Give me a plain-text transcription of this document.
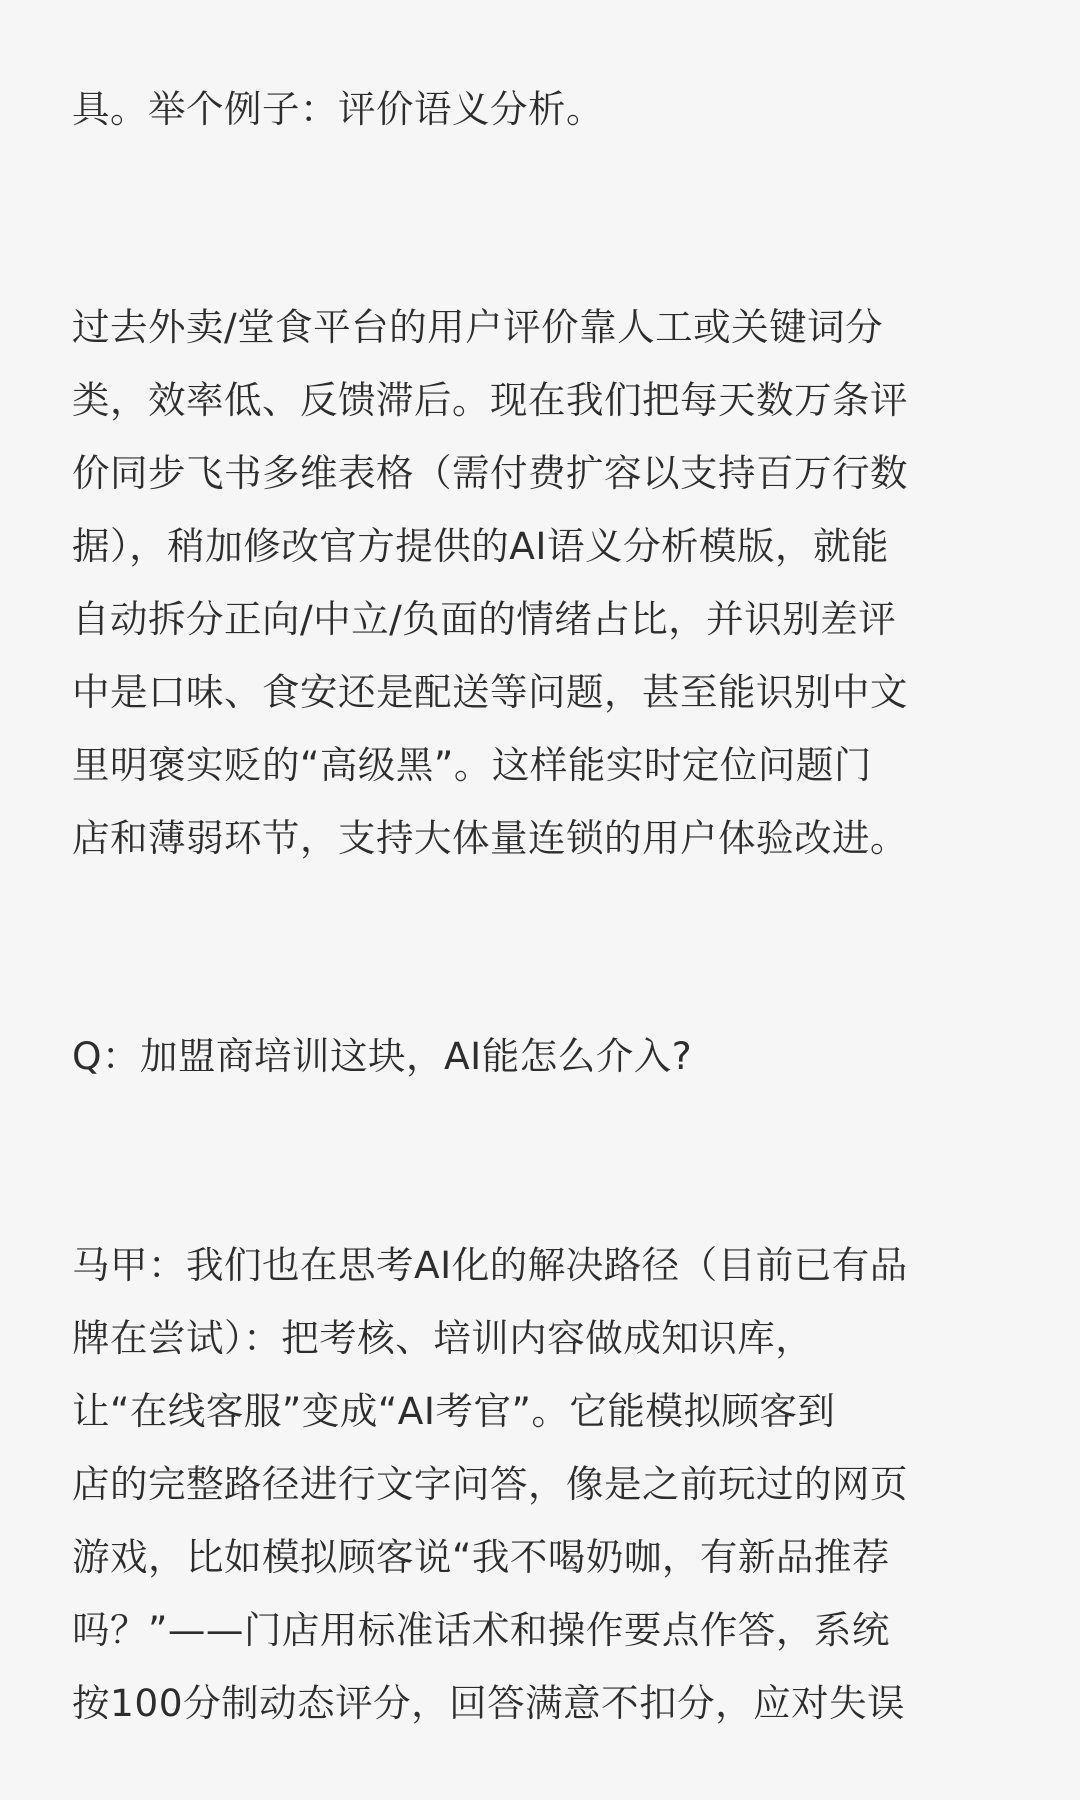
具。举个例子：评价语义分析。
过去外卖/堂食平台的用户评价靠人工或关键词分
类，效率低、反馈滞后。现在我们把每天数万条评
价同步飞书多维表格（需付费扩容以支持百万行数
据），稍加修改官方提供的AI语义分析模版，就能
自动拆分正向/中立/负面的情绪占比，并识别差评
中是口味、食安还是配送等问题，甚至能识别中文
里明褒实贬的“高级黑”。这样能实时定位问题门
店和薄弱环节，支持大体量连锁的用户体验改进。
Q：加盟商培训这块，AI能怎么介入?
马甲：我们也在思考AI化的解决路径（目前已有品
牌在尝试）：把考核、培训内容做成知识库，
让“在线客服”变成“AI考官”。它能模拟顾客到
店的完整路径进行文字问答，像是之前玩过的网页
游戏，比如模拟顾客说“我不喝奶咖，有新品推荐
吗？”——门店用标准话术和操作要点作答，系统
按100分制动态评分，回答满意不扣分，应对失误
